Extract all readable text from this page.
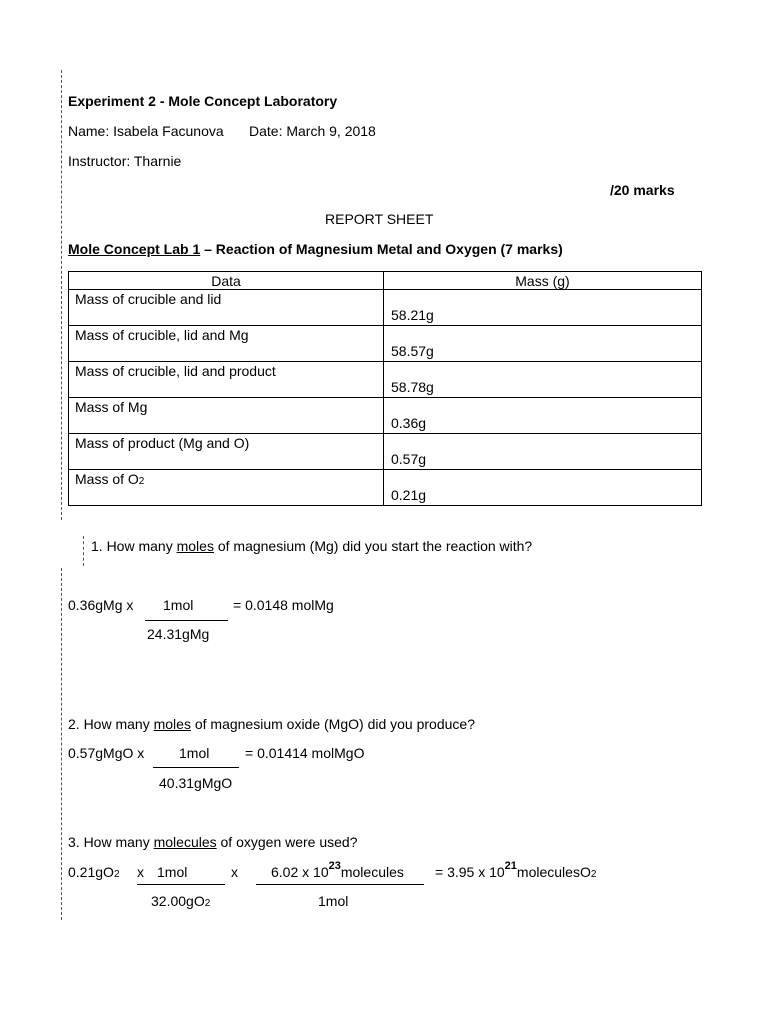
Experiment 2 - Mole Concept Laboratory
Name: Isabela Facunova Date: March 9, 2018
Instructor: Tharnie
/20 marks
REPORT SHEET
Mole Concept Lab 1 – Reaction of Magnesium Metal and Oxygen (7 marks)
Data	Mass (g)

Mass of crucible and lid	58.21g

Mass of crucible, lid and Mg	58.57g

Mass of crucible, lid and product	58.78g

Mass of Mg	0.36g

Mass of product (Mg and O)	0.57g

Mass of O2	0.21g
1. How many moles of magnesium (Mg) did you start the reaction with?
0.36gMg x 1mol	= 0.0148 molMg
24.31gMg
2. How many moles of magnesium oxide (MgO) did you produce?
0.57gMgO x 1mol	= 0.01414 molMgO
40.31gMgO
3. How many molecules of oxygen were used?
0.21gO2 x 1mol	x 6.02 x $10^{23}molecules = 3.95$ x $10^{21}moleculesO2$
32.00gO2	1mol
